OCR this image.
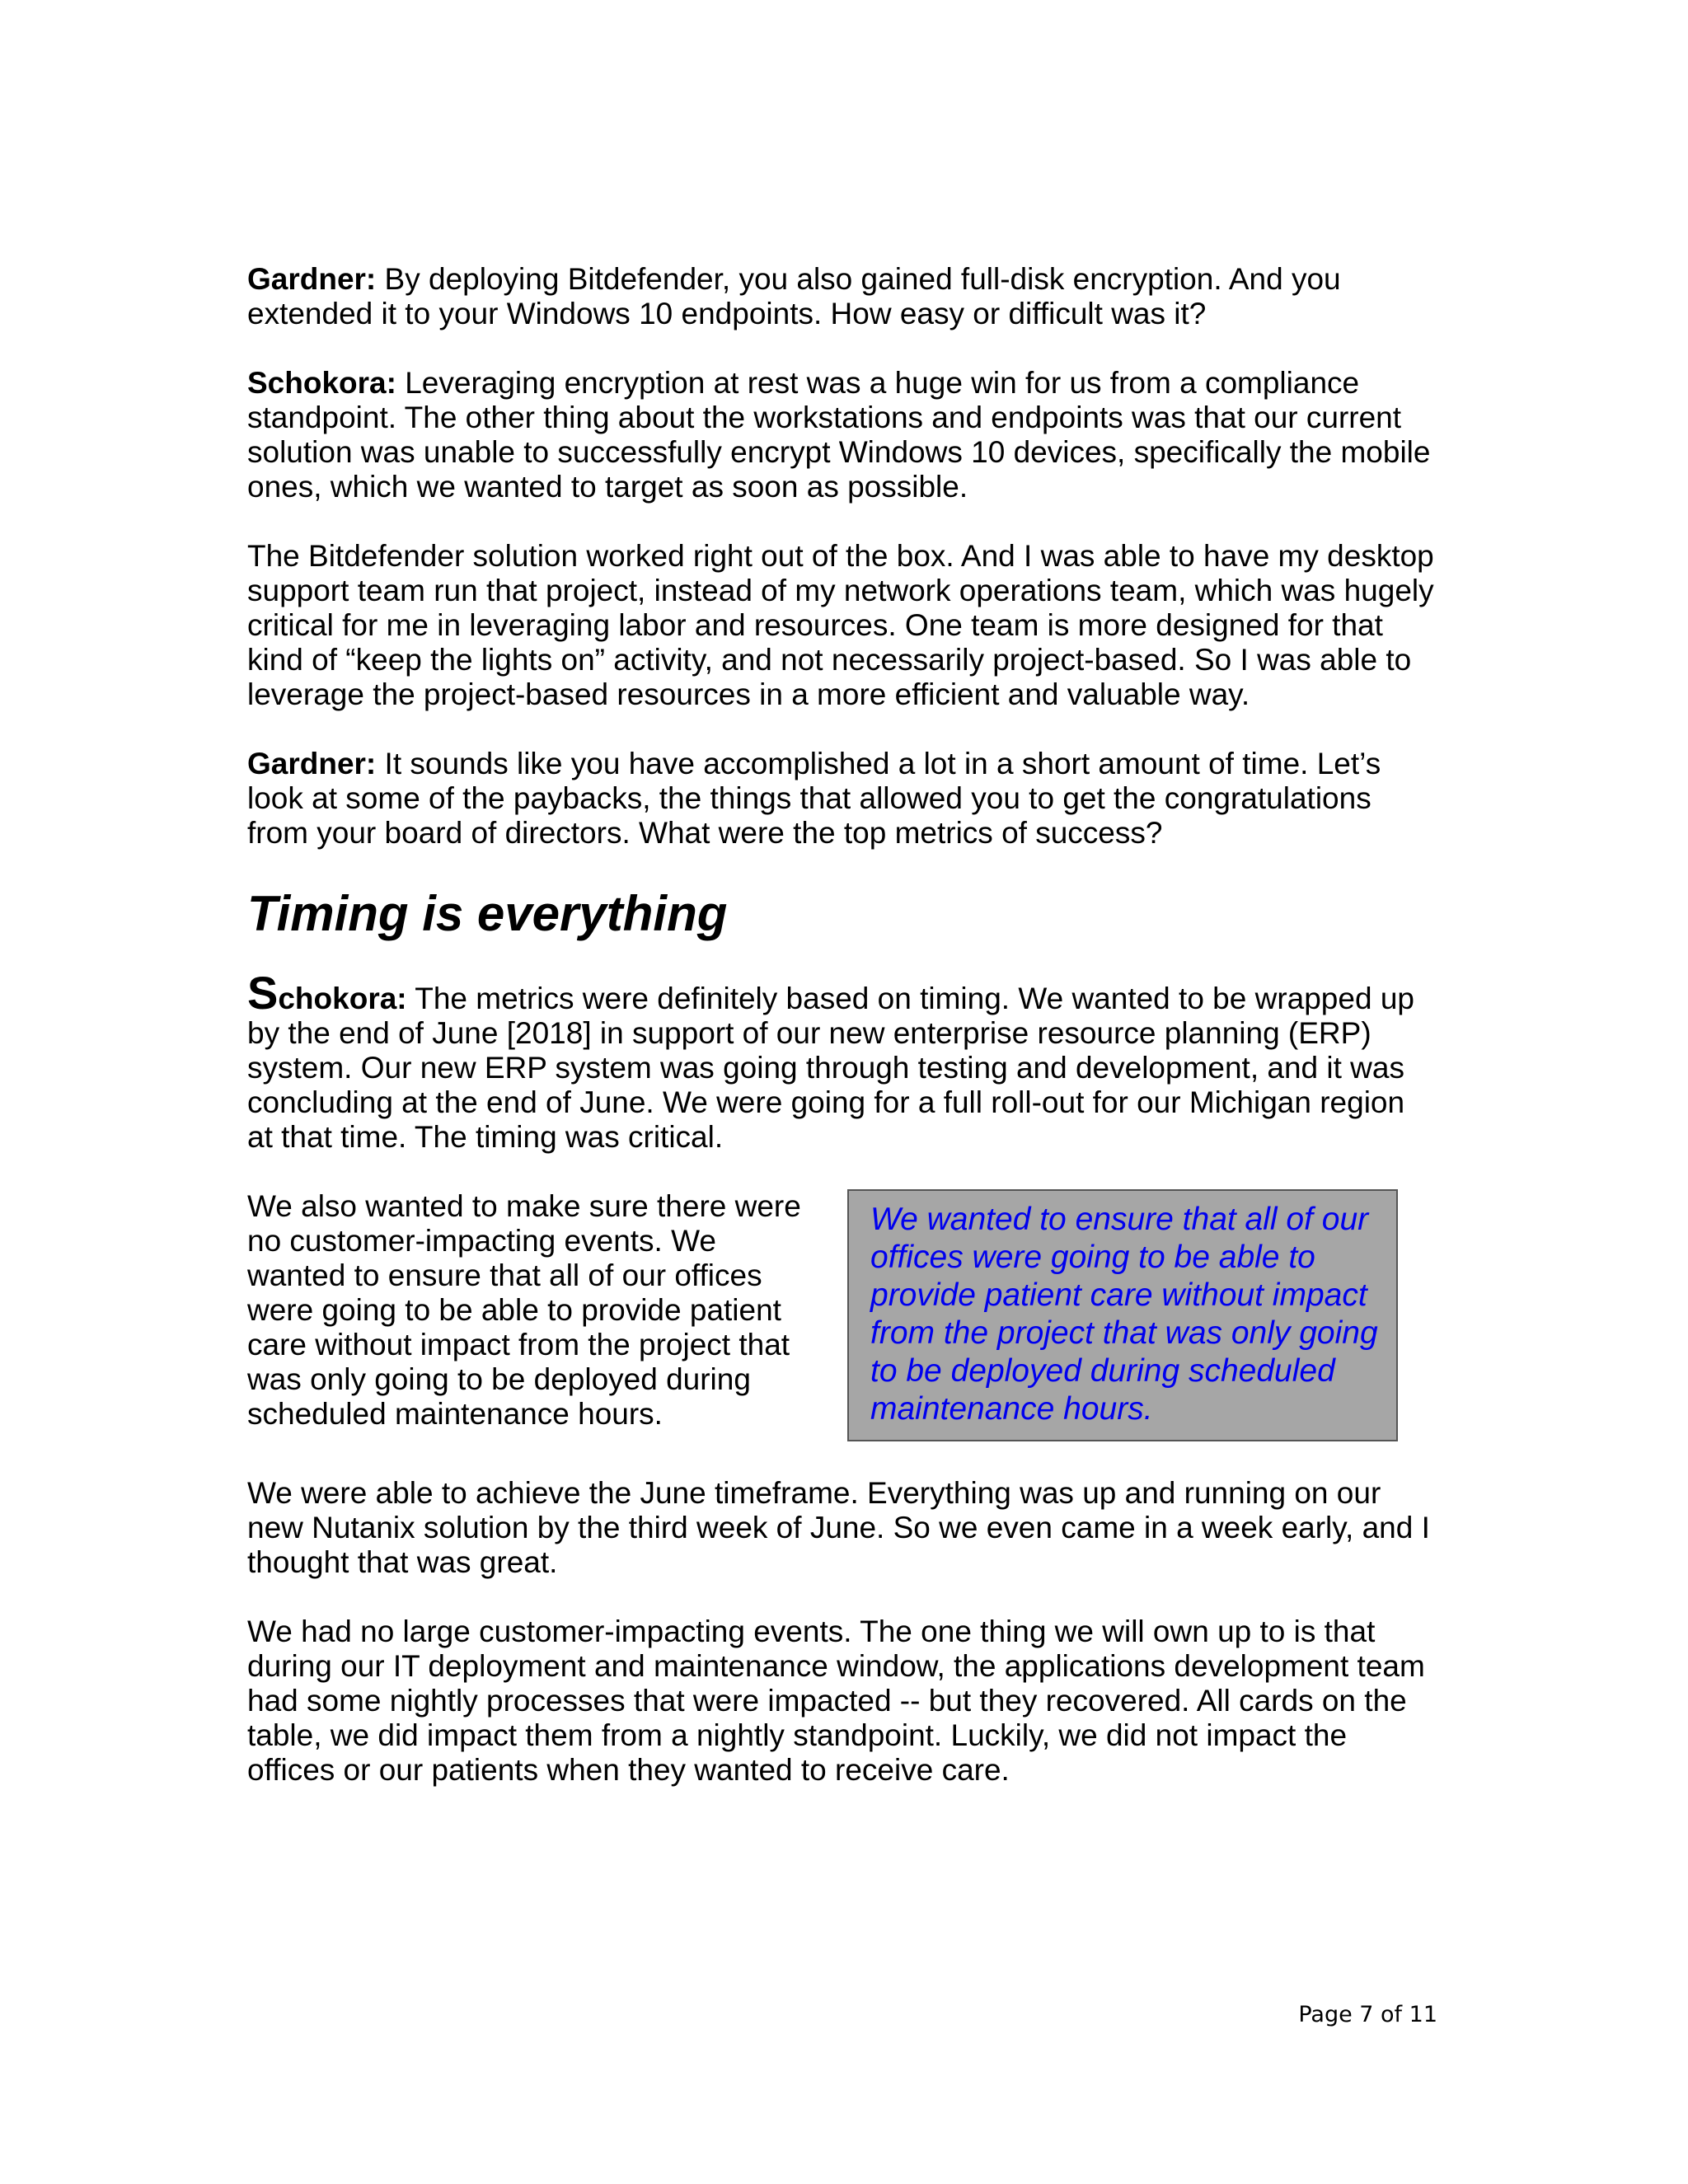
Gardner: By deploying Bitdefender, you also gained full-disk encryption. And you extended it to your Windows 10 endpoints. How easy or difficult was it?

Schokora: Leveraging encryption at rest was a huge win for us from a compliance standpoint. The other thing about the workstations and endpoints was that our current solution was unable to successfully encrypt Windows 10 devices, specifically the mobile ones, which we wanted to target as soon as possible.

The Bitdefender solution worked right out of the box. And I was able to have my desktop support team run that project, instead of my network operations team, which was hugely critical for me in leveraging labor and resources. One team is more designed for that kind of “keep the lights on” activity, and not necessarily project-based. So I was able to leverage the project-based resources in a more efficient and valuable way.

Gardner: It sounds like you have accomplished a lot in a short amount of time. Let’s look at some of the paybacks, the things that allowed you to get the congratulations from your board of directors. What were the top metrics of success?

Timing is everything

Schokora: The metrics were definitely based on timing. We wanted to be wrapped up by the end of June [2018] in support of our new enterprise resource planning (ERP) system. Our new ERP system was going through testing and development, and it was concluding at the end of June. We were going for a full roll-out for our Michigan region at that time. The timing was critical.

We also wanted to make sure there were no customer-impacting events. We wanted to ensure that all of our offices were going to be able to provide patient care without impact from the project that was only going to be deployed during scheduled maintenance hours.

We wanted to ensure that all of our offices were going to be able to provide patient care without impact from the project that was only going to be deployed during scheduled maintenance hours.

We were able to achieve the June timeframe. Everything was up and running on our new Nutanix solution by the third week of June. So we even came in a week early, and I thought that was great.

We had no large customer-impacting events. The one thing we will own up to is that during our IT deployment and maintenance window, the applications development team had some nightly processes that were impacted -- but they recovered. All cards on the table, we did impact them from a nightly standpoint. Luckily, we did not impact the offices or our patients when they wanted to receive care.

Page 7 of 11
